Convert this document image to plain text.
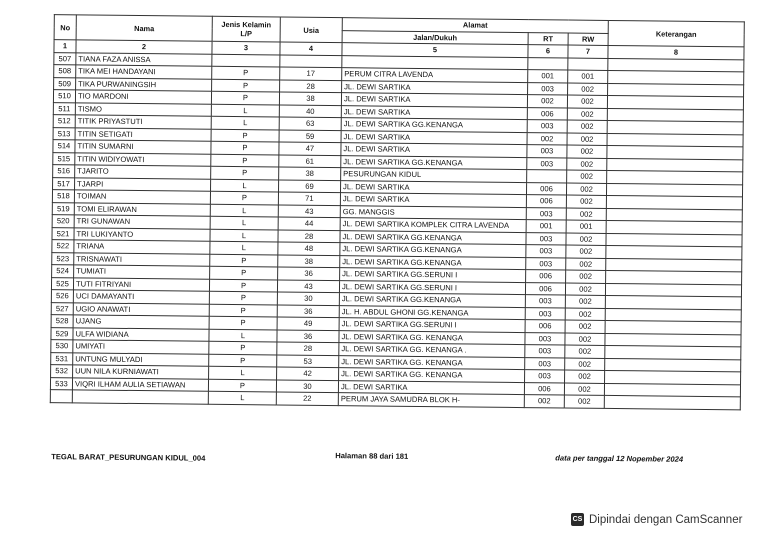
No	Nama	Jenis Kelamin L/P	Usia	Alamat			Keterangan
				Jalan/Dukuh	RT	RW	
1	2	3	4	5	6	7	8
507	TIANA FAZA ANISSA						
508	TIKA MEI HANDAYANI	P	17	PERUM CITRA LAVENDA	001	001	
509	TIKA PURWANINGSIH	P	28	JL. DEWI SARTIKA	003	002	
510	TIO MARDONI	P	38	JL. DEWI SARTIKA	002	002	
511	TISMO	L	40	JL. DEWI SARTIKA	006	002	
512	TITIK PRIYASTUTI	L	63	JL. DEWI SARTIKA GG.KENANGA	003	002	
513	TITIN SETIGATI	P	59	JL. DEWI SARTIKA	002	002	
514	TITIN SUMARNI	P	47	JL. DEWI SARTIKA	003	002	
515	TITIN WIDIYOWATI	P	61	JL. DEWI SARTIKA GG.KENANGA	003	002	
516	TJARITO	P	38	PESURUNGAN KIDUL		002	
517	TJARPI	L	69	JL. DEWI SARTIKA	006	002	
518	TOIMAN	P	71	JL. DEWI SARTIKA	006	002	
519	TOMI ELIRAWAN	L	43	GG. MANGGIS	003	002	
520	TRI GUNAWAN	L	44	JL. DEWI SARTIKA KOMPLEK CITRA LAVENDA	001	001	
521	TRI LUKIYANTO	L	28	JL. DEWI SARTIKA GG.KENANGA	003	002	
522	TRIANA	L	48	JL. DEWI SARTIKA GG.KENANGA	003	002	
523	TRISNAWATI	P	38	JL. DEWI SARTIKA GG.KENANGA	003	002	
524	TUMIATI	P	36	JL. DEWI SARTIKA GG.SERUNI I	006	002	
525	TUTI FITRIYANI	P	43	JL. DEWI SARTIKA GG.SERUNI I	006	002	
526	UCI DAMAYANTI	P	30	JL. DEWI SARTIKA GG.KENANGA	003	002	
527	UGIO ANAWATI	P	36	JL. H. ABDUL GHONI GG.KENANGA	003	002	
528	UJANG	P	49	JL. DEWI SARTIKA GG.SERUNI I	006	002	
529	ULFA WIDIANA	L	36	JL. DEWI SARTIKA GG. KENANGA	003	002	
530	UMIYATI	P	28	JL. DEWI SARTIKA GG. KENANGA .	003	002	
531	UNTUNG MULYADI	P	53	JL. DEWI SARTIKA GG. KENANGA	003	002	
532	UUN NILA KURNIAWATI	L	42	JL. DEWI SARTIKA GG. KENANGA	003	002	
533	VIQRI ILHAM AULIA SETIAWAN	P	30	JL. DEWI SARTIKA	006	002	
		L	22	PERUM JAYA SAMUDRA BLOK H-	002	002	
TEGAL BARAT_PESURUNGAN KIDUL_004	Halaman 88 dari 181	data per tanggal 12 Nopember 2024
CS Dipindai dengan CamScanner
